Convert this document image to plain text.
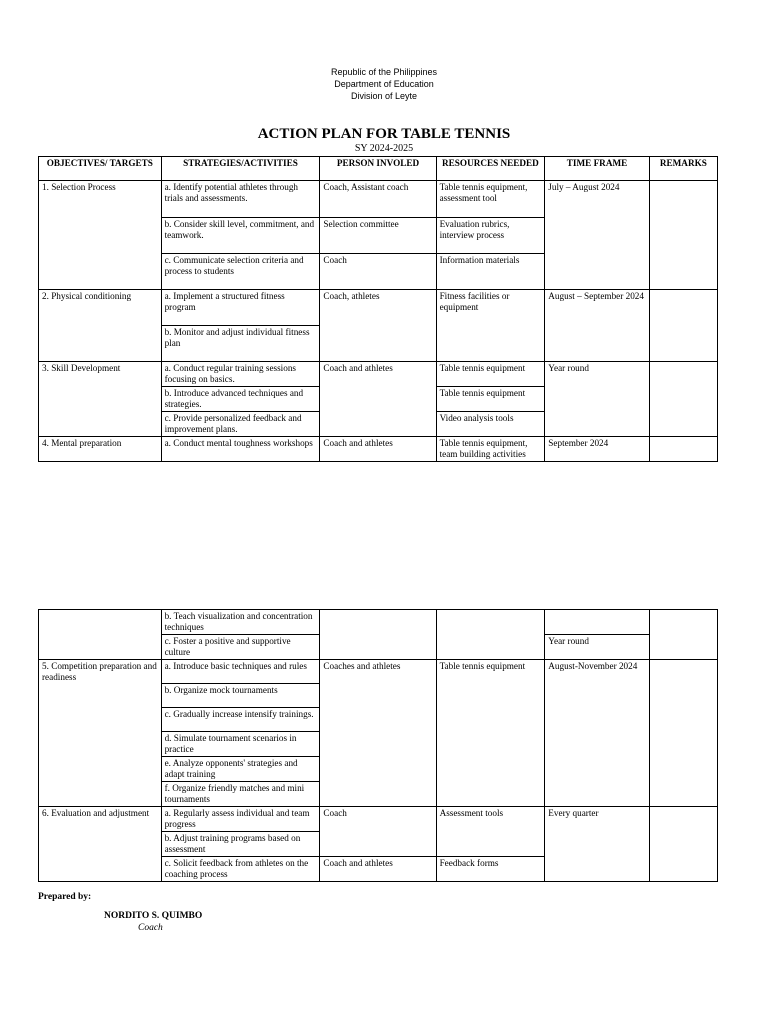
Republic of the Philippines
Department of Education
Division of Leyte
ACTION PLAN FOR TABLE TENNIS
SY 2024-2025
OBJECTIVES/ TARGETS	STRATEGIES/ACTIVITIES	PERSON INVOLED	RESOURCES NEEDED	TIME FRAME	REMARKS
1. Selection Process	a. Identify potential athletes through trials and assessments.	Coach, Assistant coach	Table tennis equipment, assessment tool	July – August 2024	
	b. Consider skill level, commitment, and teamwork.	Selection committee	Evaluation rubrics, interview process		
	c. Communicate selection criteria and process to students	Coach	Information materials		
2. Physical conditioning	a. Implement a structured fitness program	Coach, athletes	Fitness facilities or equipment	August – September 2024	
	b. Monitor and adjust individual fitness plan				
3. Skill Development	a. Conduct regular training sessions focusing on basics.	Coach and athletes	Table tennis equipment	Year round	
	b. Introduce advanced techniques and strategies.		Table tennis equipment		
	c. Provide personalized feedback and improvement plans.		Video analysis tools		
4. Mental preparation	a. Conduct mental toughness workshops	Coach and athletes	Table tennis equipment, team building activities	September 2024	
	b. Teach visualization and concentration techniques				
	c. Foster a positive and supportive culture			Year round	
5. Competition preparation and readiness	a. Introduce basic techniques and rules	Coaches and athletes	Table tennis equipment	August-November 2024	
	b. Organize mock tournaments				
	c. Gradually increase intensify trainings.				
	d. Simulate tournament scenarios in practice				
	e. Analyze opponents' strategies and adapt training				
	f. Organize friendly matches and mini tournaments				
6. Evaluation and adjustment	a. Regularly assess individual and team progress	Coach	Assessment tools	Every quarter	
	b. Adjust training programs based on assessment				
	c. Solicit feedback from athletes on the coaching process	Coach and athletes	Feedback forms		
Prepared by:
NORDITO S. QUIMBO
Coach
